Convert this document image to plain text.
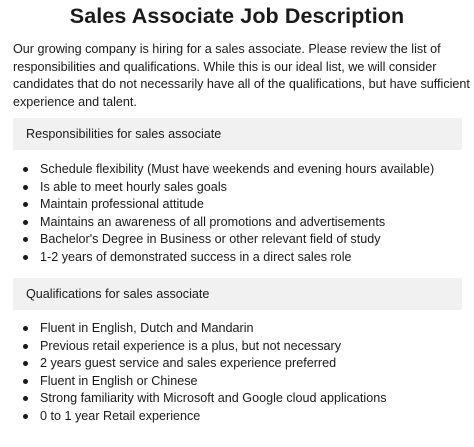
Sales Associate Job Description

Our growing company is hiring for a sales associate. Please review the list of
responsibilities and qualifications. While this is our ideal list, we will consider
candidates that do not necessarily have all of the qualifications, but have sufficient
experience and talent.

Responsibilities for sales associate
Schedule flexibility (Must have weekends and evening hours available)
Is able to meet hourly sales goals
Maintain professional attitude
Maintains an awareness of all promotions and advertisements
Bachelor's Degree in Business or other relevant field of study
1-2 years of demonstrated success in a direct sales role
Qualifications for sales associate
Fluent in English, Dutch and Mandarin
Previous retail experience is a plus, but not necessary
2 years guest service and sales experience preferred
Fluent in English or Chinese
Strong familiarity with Microsoft and Google cloud applications
0 to 1 year Retail experience
